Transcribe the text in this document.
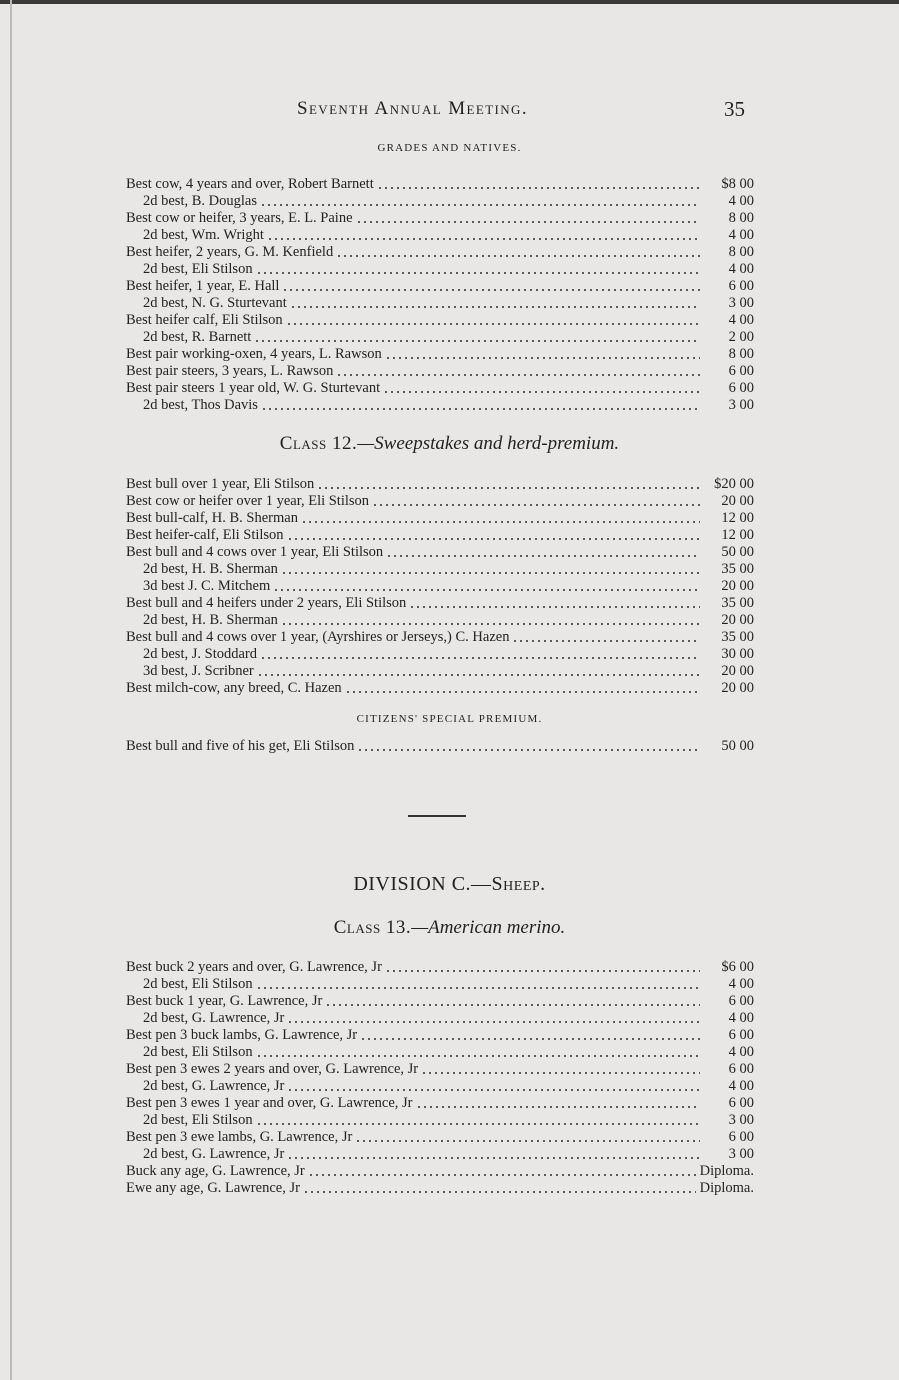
Seventh Annual Meeting.	35
GRADES AND NATIVES.
Best cow, 4 years and over, Robert Barnett	$8 00
2d best, B. Douglas	4 00
Best cow or heifer, 3 years, E. L. Paine	8 00
2d best, Wm. Wright	4 00
Best heifer, 2 years, G. M. Kenfield	8 00
2d best, Eli Stilson	4 00
Best heifer, 1 year, E. Hall	6 00
2d best, N. G. Sturtevant	3 00
Best heifer calf, Eli Stilson	4 00
2d best, R. Barnett	2 00
Best pair working-oxen, 4 years, L. Rawson	8 00
Best pair steers, 3 years, L. Rawson	6 00
Best pair steers 1 year old, W. G. Sturtevant	6 00
2d best, Thos Davis	3 00
Class 12.—Sweepstakes and herd-premium.
Best bull over 1 year, Eli Stilson	$20 00
Best cow or heifer over 1 year, Eli Stilson	20 00
Best bull-calf, H. B. Sherman	12 00
Best heifer-calf, Eli Stilson	12 00
Best bull and 4 cows over 1 year, Eli Stilson	50 00
2d best, H. B. Sherman	35 00
3d best J. C. Mitchem	20 00
Best bull and 4 heifers under 2 years, Eli Stilson	35 00
2d best, H. B. Sherman	20 00
Best bull and 4 cows over 1 year, (Ayrshires or Jerseys,) C. Hazen	35 00
2d best, J. Stoddard	30 00
3d best, J. Scribner	20 00
Best milch-cow, any breed, C. Hazen	20 00
CITIZENS' SPECIAL PREMIUM.
Best bull and five of his get, Eli Stilson	50 00
DIVISION C.—Sheep.
Class 13.—American merino.
Best buck 2 years and over, G. Lawrence, Jr	$6 00
2d best, Eli Stilson	4 00
Best buck 1 year, G. Lawrence, Jr	6 00
2d best, G. Lawrence, Jr	4 00
Best pen 3 buck lambs, G. Lawrence, Jr	6 00
2d best, Eli Stilson	4 00
Best pen 3 ewes 2 years and over, G. Lawrence, Jr	6 00
2d best, G. Lawrence, Jr	4 00
Best pen 3 ewes 1 year and over, G. Lawrence, Jr	6 00
2d best, Eli Stilson	3 00
Best pen 3 ewe lambs, G. Lawrence, Jr	6 00
2d best, G. Lawrence, Jr	3 00
Buck any age, G. Lawrence, Jr	Diploma.
Ewe any age, G. Lawrence, Jr	Diploma.
